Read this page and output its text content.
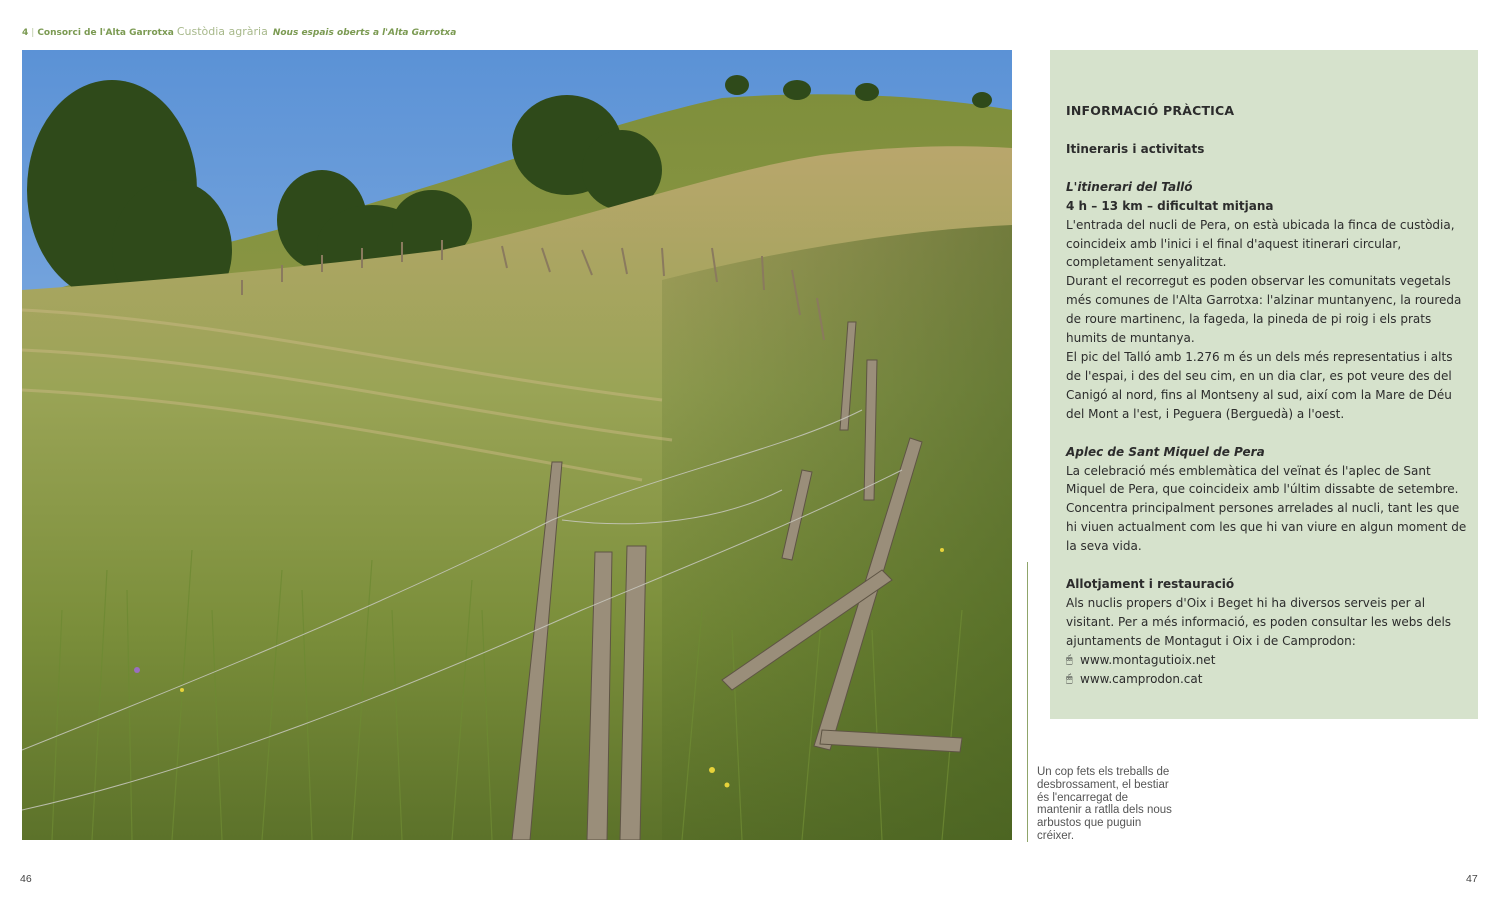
4 | Consorci de l'Alta Garrotxa Custòdia agrària Nous espais oberts a l'Alta Garrotxa
Un cop fets els treballs de desbrossament, el bestiar és l'encarregat de mantenir a ratlla dels nous arbustos que puguin créixer.
INFORMACIÓ PRÀCTICA
Itineraris i activitats
L'itinerari del Talló

4 h – 13 km – dificultat mitjana

L'entrada del nucli de Pera, on està ubicada la finca de custòdia, coincideix amb l'inici i el final d'aquest itinerari circular, completament senyalitzat.

Durant el recorregut es poden observar les comunitats vegetals més comunes de l'Alta Garrotxa: l'alzinar muntanyenc, la roureda de roure martinenc, la fageda, la pineda de pi roig i els prats humits de muntanya.

El pic del Talló amb 1.276 m és un dels més representatius i alts de l'espai, i des del seu cim, en un dia clar, es pot veure des del Canigó al nord, fins al Montseny al sud, així com la Mare de Déu del Mont a l'est, i Peguera (Berguedà) a l'oest.

Aplec de Sant Miquel de Pera

La celebració més emblemàtica del veïnat és l'aplec de Sant Miquel de Pera, que coincideix amb l'últim dissabte de setembre. Concentra principalment persones arrelades al nucli, tant les que hi viuen actualment com les que hi van viure en algun moment de la seva vida.

Allotjament i restauració

Als nuclis propers d'Oix i Beget hi ha diversos serveis per al visitant. Per a més informació, es poden consultar les webs dels ajuntaments de Montagut i Oix i de Camprodon:

🖱 www.montagutioix.net
🖱 www.camprodon.cat
46	47
